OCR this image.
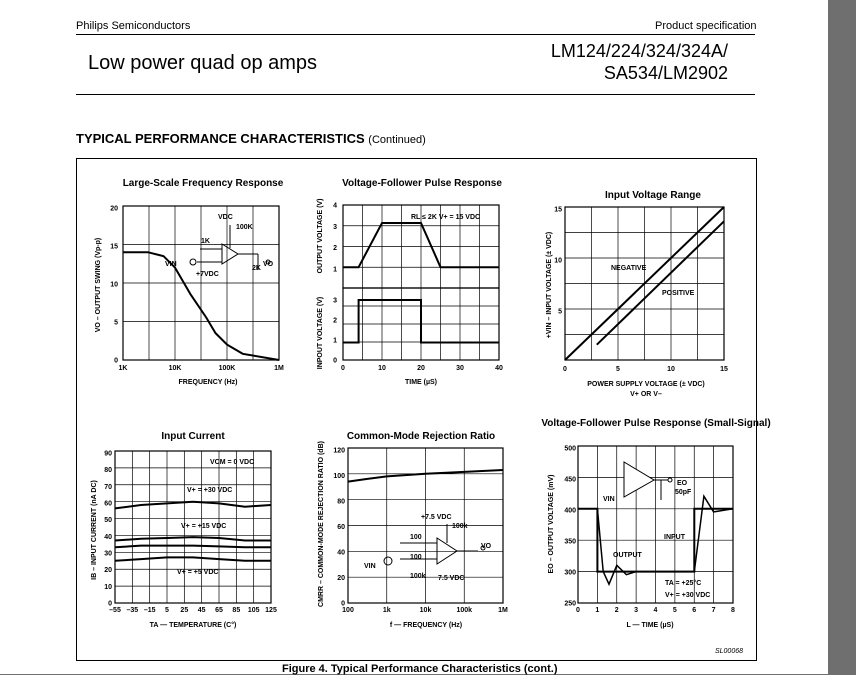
Philips Semiconductors	Product specification
Low power quad op amps
LM124/224/324/324A/
SA534/LM2902
TYPICAL PERFORMANCE CHARACTERISTICS (Continued)
Large-Scale Frequency Response
FREQUENCY (Hz)
VO – OUTPUT SWING (Vp-p)
1K	10K	100K	1M
20
15
10
5
0
VDC
100K
1K
VIN
+7VDC
2K
VO
Voltage-Follower Pulse Response
0	10	20	30	40
4
3
2
1
3
2
1
0
TIME (µS)
OUTPUT VOLTAGE (V)
INPOUT VOLTAGE (V)
RL ≤ 2K V+ = 15 VDC
Input Voltage Range
0	5	10	15
15
10
5
POWER SUPPLY VOLTAGE (± VDC)
V+ OR V–
+VIN – INPUT VOLTAGE (± VDC)	NEGATIVE
POSITIVE
Input Current
–55 –35 –15 5 25 45 65 85 105 125
90
80
70
60
50
40
30
20
10
0
TA — TEMPERATURE (C°)
IB – INPUT CURRENT (nA DC)
VCM = 0 VDC
V+ = +30 VDC
V+ = +15 VDC
V+ = +5 VDC
Common-Mode Rejection Ratio
100	1k	10k	100k	1M
120
100
80
60
40
20
0
f — FREQUENCY (Hz)
CMRR – COMMON-MODE REJECTION RATIO (dB)	+7.5 VDC
100k
100
100
VIN
100k 7.5 VDC
VO
Voltage-Follower Pulse Response (Small-Signal)
0 1 2 3 4 5 6 7 8
500
450
400
350
300
250
L — TIME (µS)
EO – OUTPUT VOLTAGE (mV)	INPUT
OUTPUT
TA = +25°C
V+ = +30 VDC
VIN
EO
50pF
SL00068
Figure 4. Typical Performance Characteristics (cont.)
